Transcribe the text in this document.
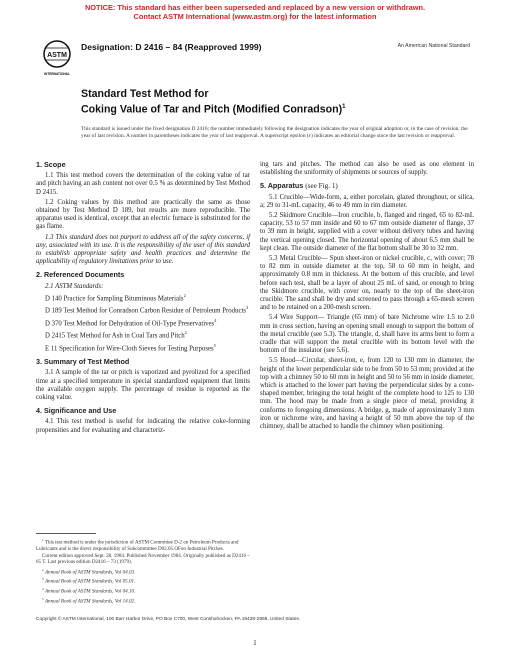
NOTICE: This standard has either been superseded and replaced by a new version or withdrawn.
Contact ASTM International (www.astm.org) for the latest information
ASTM
INTERNATIONAL
Designation: D 2416 – 84 (Reapproved 1999)	An American National Standard
Standard Test Method for
Coking Value of Tar and Pitch (Modified Conradson)$^1$
This standard is issued under the fixed designation D 2416; the number immediately following the designation indicates the year of original adoption or, in the case of revision, the year of last revision. A number in parentheses indicates the year of last reapproval. A superscript epsilon (ε) indicates an editorial change since the last revision or reapproval.
1. Scope

1.1 This test method covers the determination of the coking value of tar and pitch having an ash content not over 0.5 % as determined by Test Method D 2415.

1.2 Coking values by this method are practically the same as those obtained by Test Method D 189, but results are more reproducible. The apparatus used is identical, except that an electric furnace is substituted for the gas flame.

1.3 This standard does not purport to address all of the safety concerns, if any, associated with its use. It is the responsibility of the user of this standard to establish appropriate safety and health practices and determine the applicability of regulatory limitations prior to use.

2. Referenced Documents

2.1 ASTM Standards:

D 140 Practice for Sampling Bituminous Materials$^2$

D 189 Test Method for Conradson Carbon Residue of Petroleum Products$^3$

D 370 Test Method for Dehydration of Oil-Type Preservatives$^4$

D 2415 Test Method for Ash in Coal Tars and Pitch$^2$

E 11 Specification for Wire-Cloth Sieves for Testing Purposes$^5$

3. Summary of Test Method

3.1 A sample of the tar or pitch is vaporized and pyrolized for a specified time at a specified temperature in special standardized equipment that limits the available oxygen supply. The percentage of residue is reported as the coking value.

4. Significance and Use

4.1 This test method is useful for indicating the relative coke-forming propensities and for evaluating and characteriz-

$^1$ This test method is under the jurisdiction of ASTM Committee D-2 on Petroleum Products and Lubricants and is the direct responsibility of Subcommittee D02.05.OFon Industrial Pitches.

Current edition approved Sept. 28, 1984. Published November 1984. Originally published as D2416 – 65 T. Last previous edition D2416 – 73 (1979).

$^2$ Annual Book of ASTM Standards, Vol 04.03.

$^3$ Annual Book of ASTM Standards, Vol 05.01.

$^4$ Annual Book of ASTM Standards, Vol 04.10.

$^5$ Annual Book of ASTM Standards, Vol 14.02.

ing tars and pitches. The method can also be used as one element in establishing the uniformity of shipments or sources of supply.

5. Apparatus (see Fig. 1)

5.1 Crucible—Wide-form, a, either porcelain, glazed throughout, or silica, a; 29 to 31-mL capacity, 46 to 49 mm in rim diameter.

5.2 Skidmore Crucible—Iron crucible, b, flanged and ringed, 65 to 82-mL capacity, 53 to 57 mm inside and 60 to 67 mm outside diameter of flange, 37 to 39 mm in height, supplied with a cover without delivery tubes and having the vertical opening closed. The horizontal opening of about 6.5 mm shall be kept clean. The outside diameter of the flat bottom shall be 30 to 32 mm.

5.3 Metal Crucible— Spun sheet-iron or nickel crucible, c, with cover; 78 to 82 mm in outside diameter at the top, 58 to 60 mm in height, and approximately 0.8 mm in thickness. At the bottom of this crucible, and level before each test, shall be a layer of about 25 mL of sand, or enough to bring the Skidmore crucible, with cover on, nearly to the top of the sheet-iron crucible. The sand shall be dry and screened to pass through a 65-mesh screen and to be retained on a 200-mesh screen.

5.4 Wire Support— Triangle (65 mm) of bare Nichrome wire 1.5 to 2.0 mm in cross section, having an opening small enough to support the bottom of the metal crucible (see 5.3). The triangle, d, shall have its arms bent to form a cradle that will support the metal crucible with its bottom level with the bottom of the insulator (see 5.6).

5.5 Hood—Circular, sheet-iron, e, from 120 to 130 mm in diameter, the height of the lower perpendicular side to be from 50 to 53 mm; provided at the top with a chimney 50 to 60 mm in height and 50 to 56 mm in inside diameter, which is attached to the lower part having the perpendicular sides by a cone-shaped member, bringing the total height of the complete hood to 125 to 130 mm. The hood may be made from a single piece of metal, providing it conforms to foregoing dimensions. A bridge, g, made of approximately 3 mm iron or nichrome wire, and having a height of 50 mm above the top of the chimney, shall be attached to handle the chimney when positioning.

Copyright © ASTM International, 100 Barr Harbor Drive, PO Box C700, West Conshohocken, PA 19428-2959, United States.
1
